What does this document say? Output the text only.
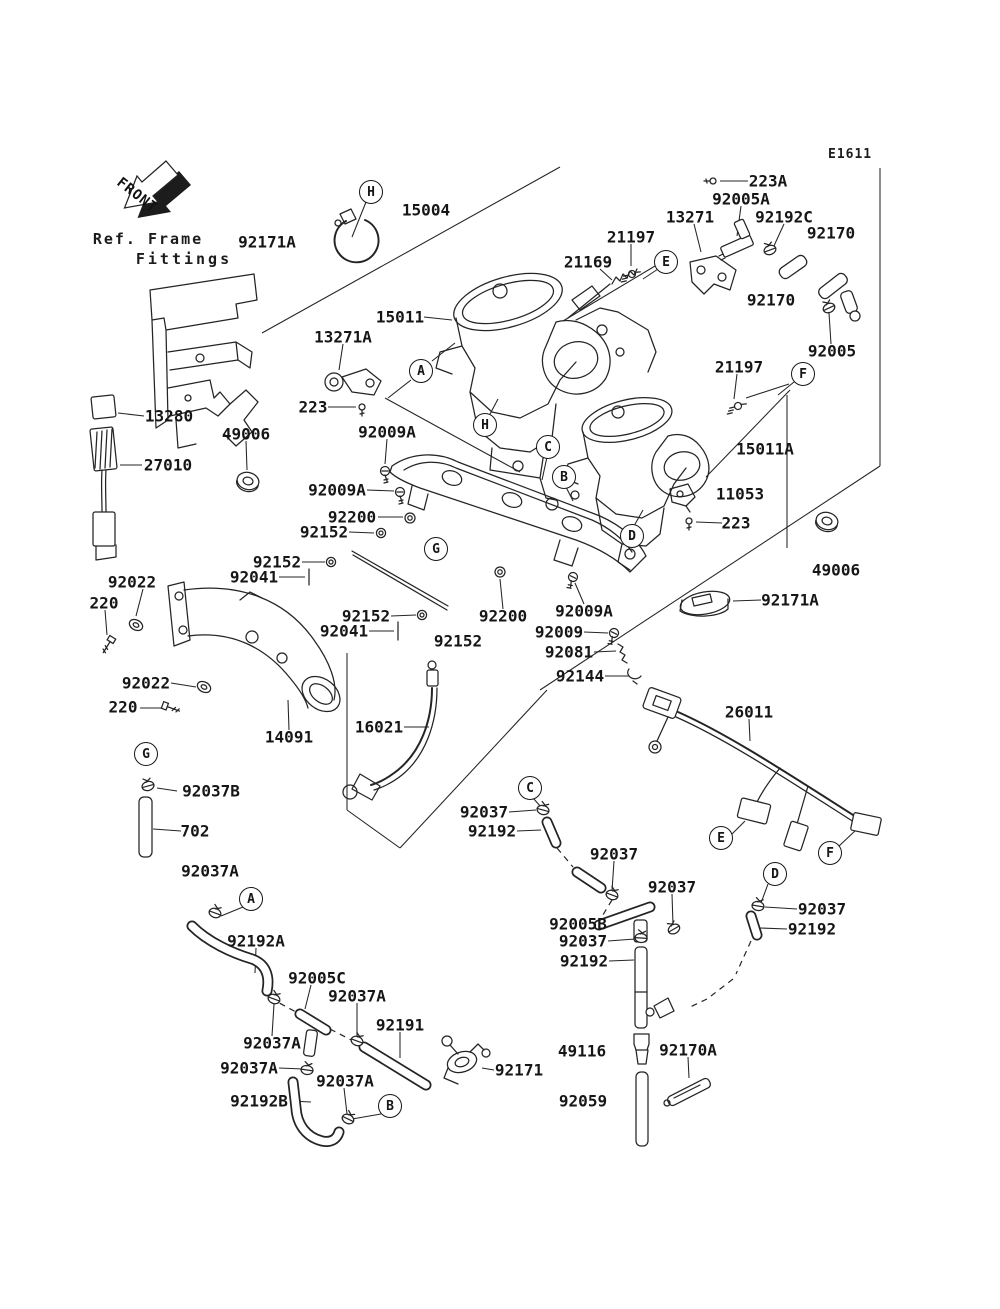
FRONT
E1611
Ref. Frame
Fittings
92171A
15004
223A
92005A
13271	92192C
92170
21197
21169
92170
15011
13271A
92005
223
21197
13280
49006	92009A
15011A
27010
92009A	11053
92200	223
92152
92152
92041	49006
92022
220	92171A
92152	92200 92009A
92041	92009
92152
92081
92144
92022
220
14091
16021
26011
92037B
702
92037A
92037
92192
92037
92037
92005B
92037
92192
92037
92192
92192A
92005C
92037A
92191
92037A
92037A
92037A
92171
49116	92170A
92192B	92059
H
E
A
H
C
B
G
D
F
G
A
C
E
F
D
B
